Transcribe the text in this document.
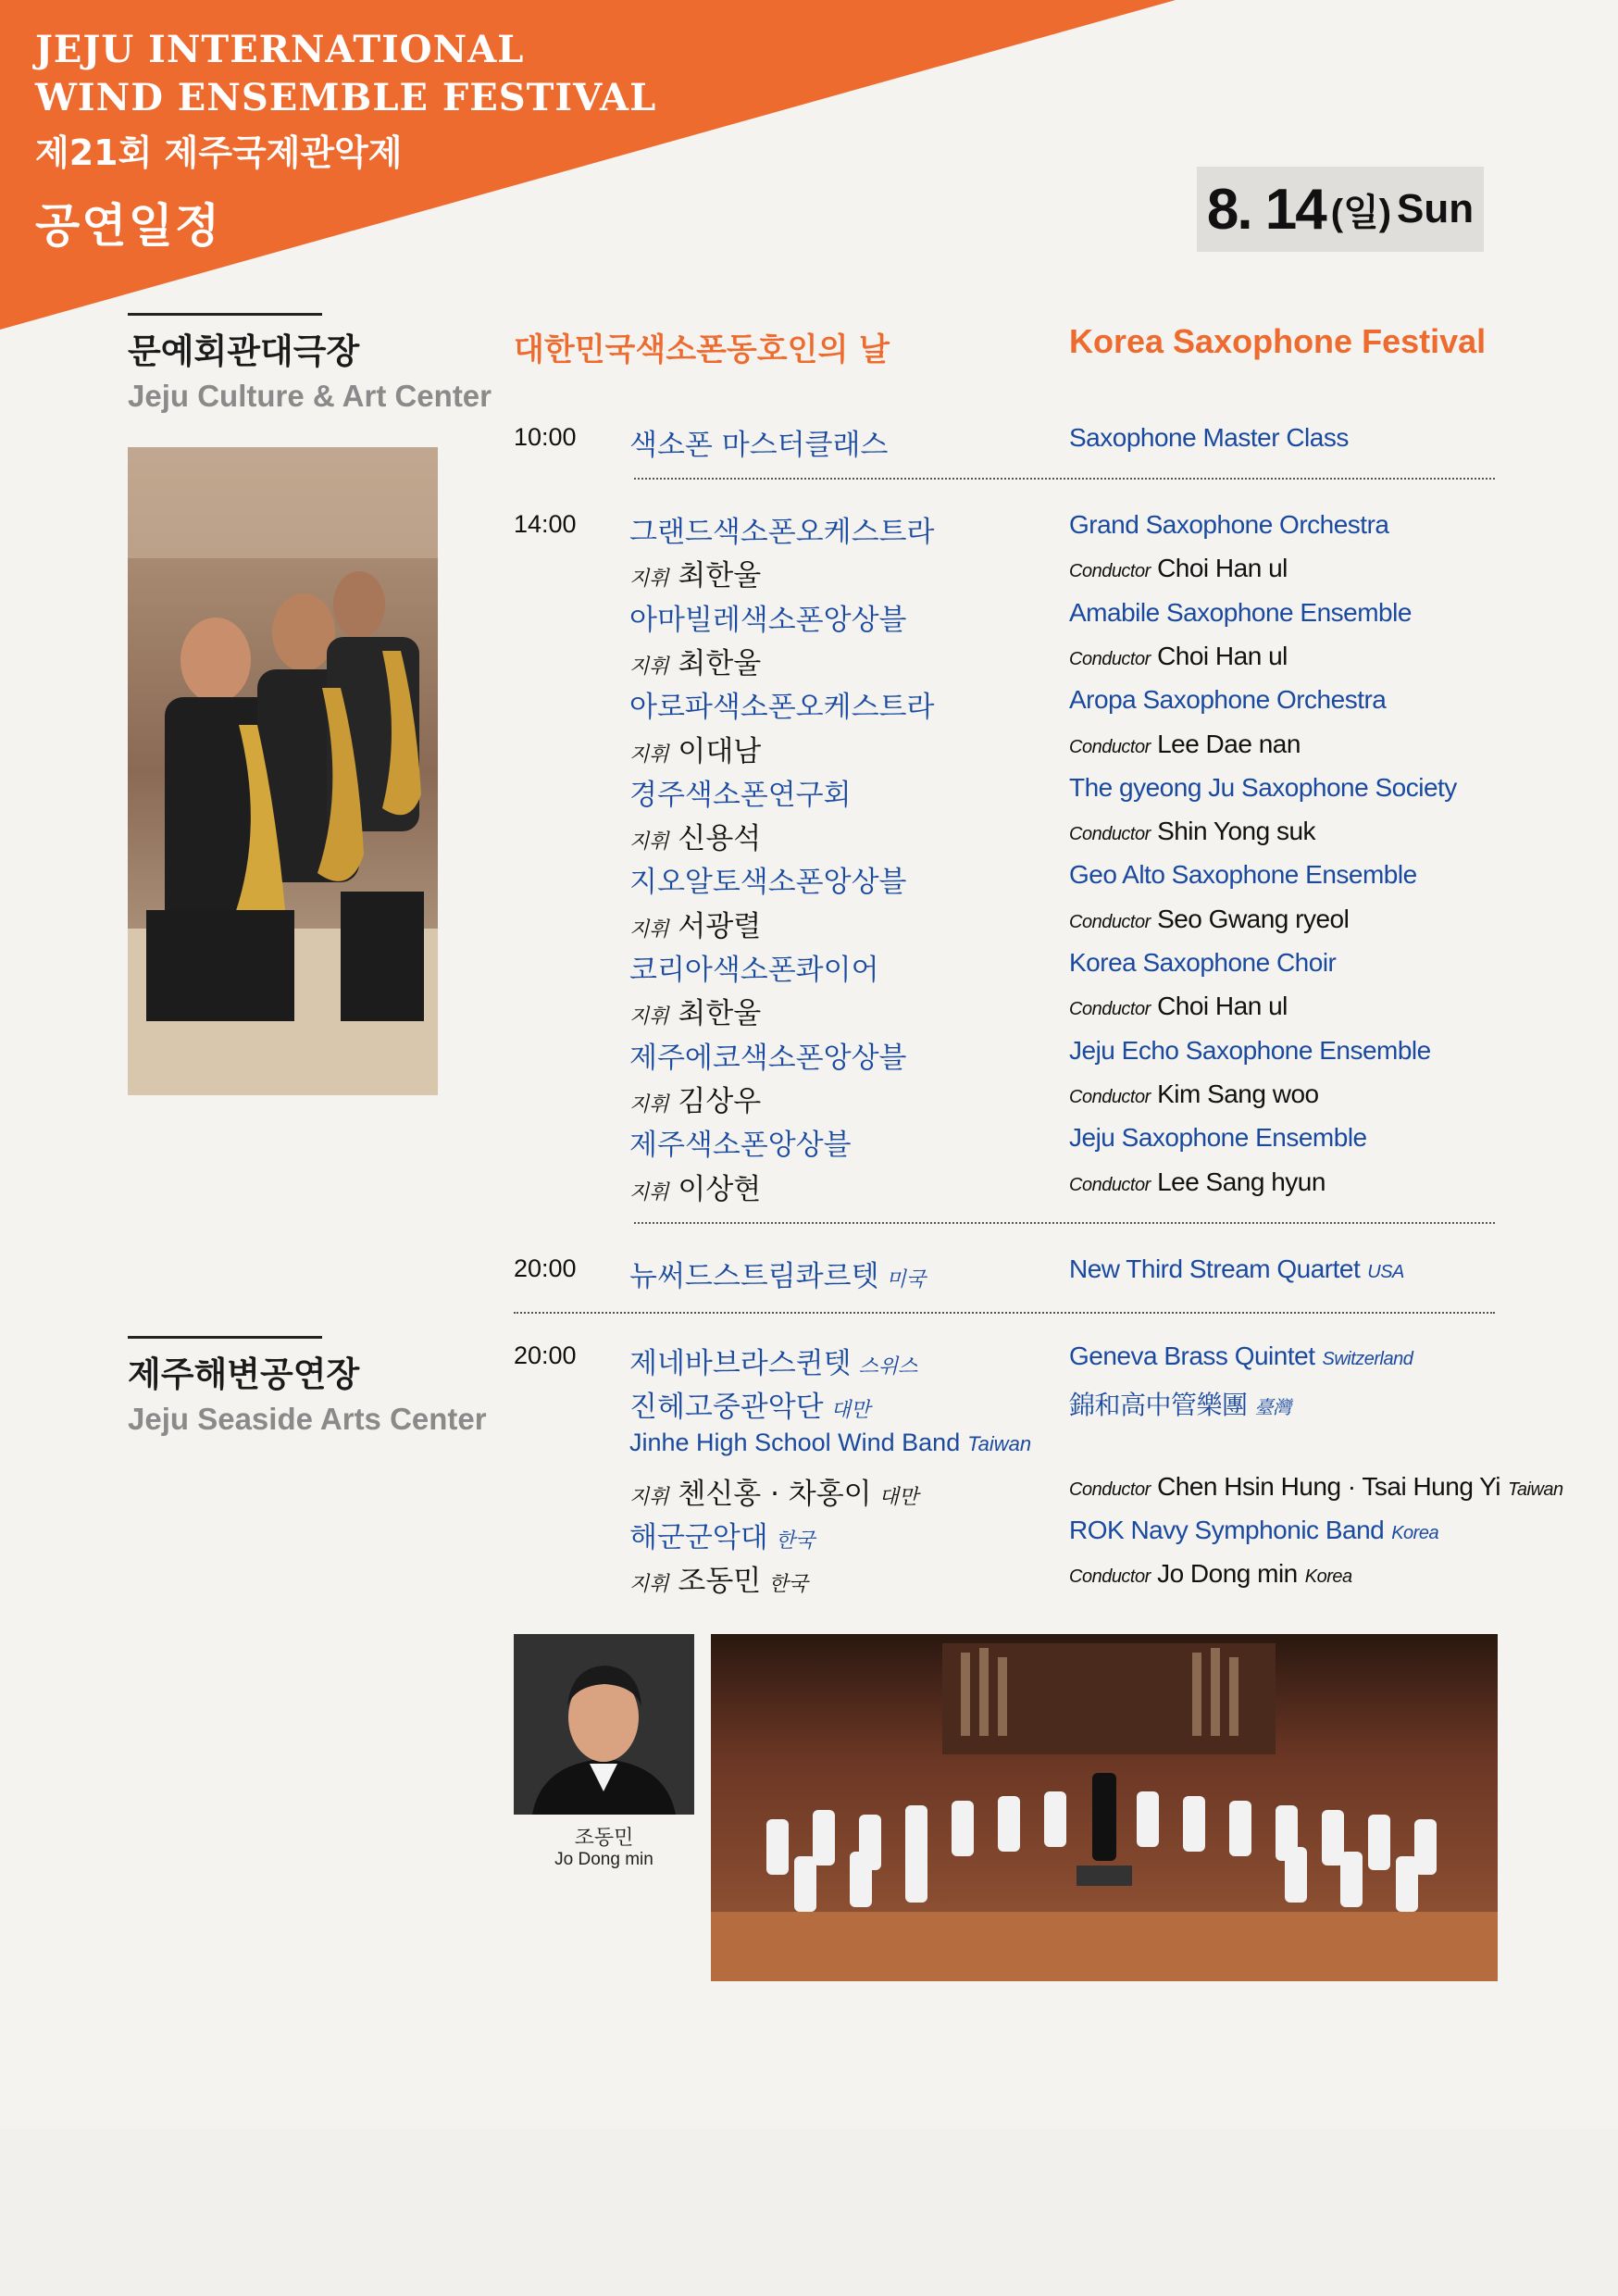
JEJU INTERNATIONAL
WIND ENSEMBLE FESTIVAL
제21회 제주국제관악제
공연일정	8. 14 (일) Sun
문예회관대극장
Jeju Culture & Art Center
제주해변공연장
Jeju Seaside Arts Center
대한민국색소폰동호인의 날	Korea Saxophone Festival
10:00 색소폰 마스터클래스	Saxophone Master Class
14:00 그랜드색소폰오케스트라	Grand Saxophone Orchestra
지휘 최한울	Conductor Choi Han ul
아마빌레색소폰앙상블	Amabile Saxophone Ensemble
지휘 최한울	Conductor Choi Han ul
아로파색소폰오케스트라	Aropa Saxophone Orchestra
지휘 이대남	Conductor Lee Dae nan
경주색소폰연구회	The gyeong Ju Saxophone Society
지휘 신용석	Conductor Shin Yong suk
지오알토색소폰앙상블	Geo Alto Saxophone Ensemble
지휘 서광렬	Conductor Seo Gwang ryeol
코리아색소폰콰이어	Korea Saxophone Choir
지휘 최한울	Conductor Choi Han ul
제주에코색소폰앙상블	Jeju Echo Saxophone Ensemble
지휘 김상우	Conductor Kim Sang woo
제주색소폰앙상블	Jeju Saxophone Ensemble
지휘 이상현	Conductor Lee Sang hyun
20:00 뉴써드스트림콰르텟 미국	New Third Stream Quartet USA
20:00 제네바브라스퀸텟 스위스	Geneva Brass Quintet Switzerland
진헤고중관악단 대만	錦和高中管樂團 臺灣
Jinhe High School Wind Band Taiwan
지휘 첸신홍 · 차홍이 대만	Conductor Chen Hsin Hung · Tsai Hung Yi Taiwan
해군군악대 한국	ROK Navy Symphonic Band Korea
지휘 조동민 한국	Conductor Jo Dong min Korea
조동민
Jo Dong min
